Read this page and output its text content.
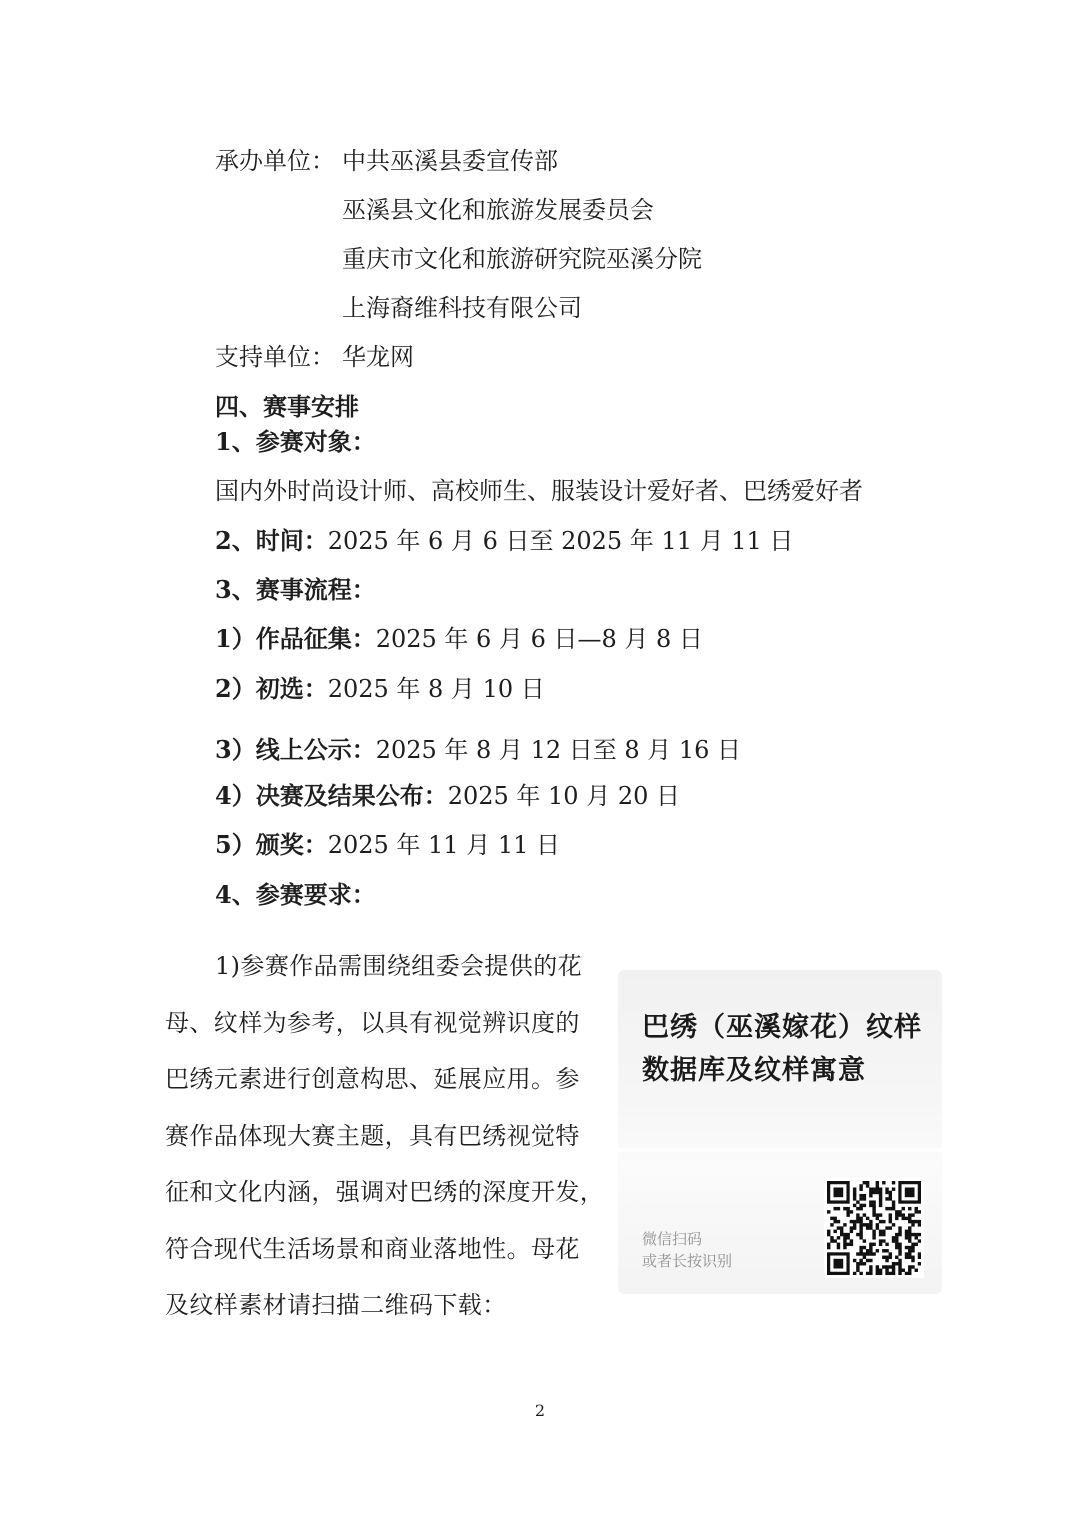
承办单位： 中共巫溪县委宣传部
巫溪县文化和旅游发展委员会
重庆市文化和旅游研究院巫溪分院
上海裔维科技有限公司
支持单位： 华龙网
四、赛事安排
1、参赛对象：
国内外时尚设计师、高校师生、服装设计爱好者、巴绣爱好者
2、时间：2025 年 6 月 6 日至 2025 年 11 月 11 日
3、赛事流程：
1）作品征集：2025 年 6 月 6 日—8 月 8 日
2）初选：2025 年 8 月 10 日
3）线上公示：2025 年 8 月 12 日至 8 月 16 日
4）决赛及结果公布：2025 年 10 月 20 日
5）颁奖：2025 年 11 月 11 日
4、参赛要求：
1)参赛作品需围绕组委会提供的花
母、纹样为参考，以具有视觉辨识度的
巴绣元素进行创意构思、延展应用。参
赛作品体现大赛主题，具有巴绣视觉特
征和文化内涵，强调对巴绣的深度开发，
符合现代生活场景和商业落地性。母花
及纹样素材请扫描二维码下载：
巴绣（巫溪嫁花）纹样数据库及纹样寓意
微信扫码
或者长按识别
2
